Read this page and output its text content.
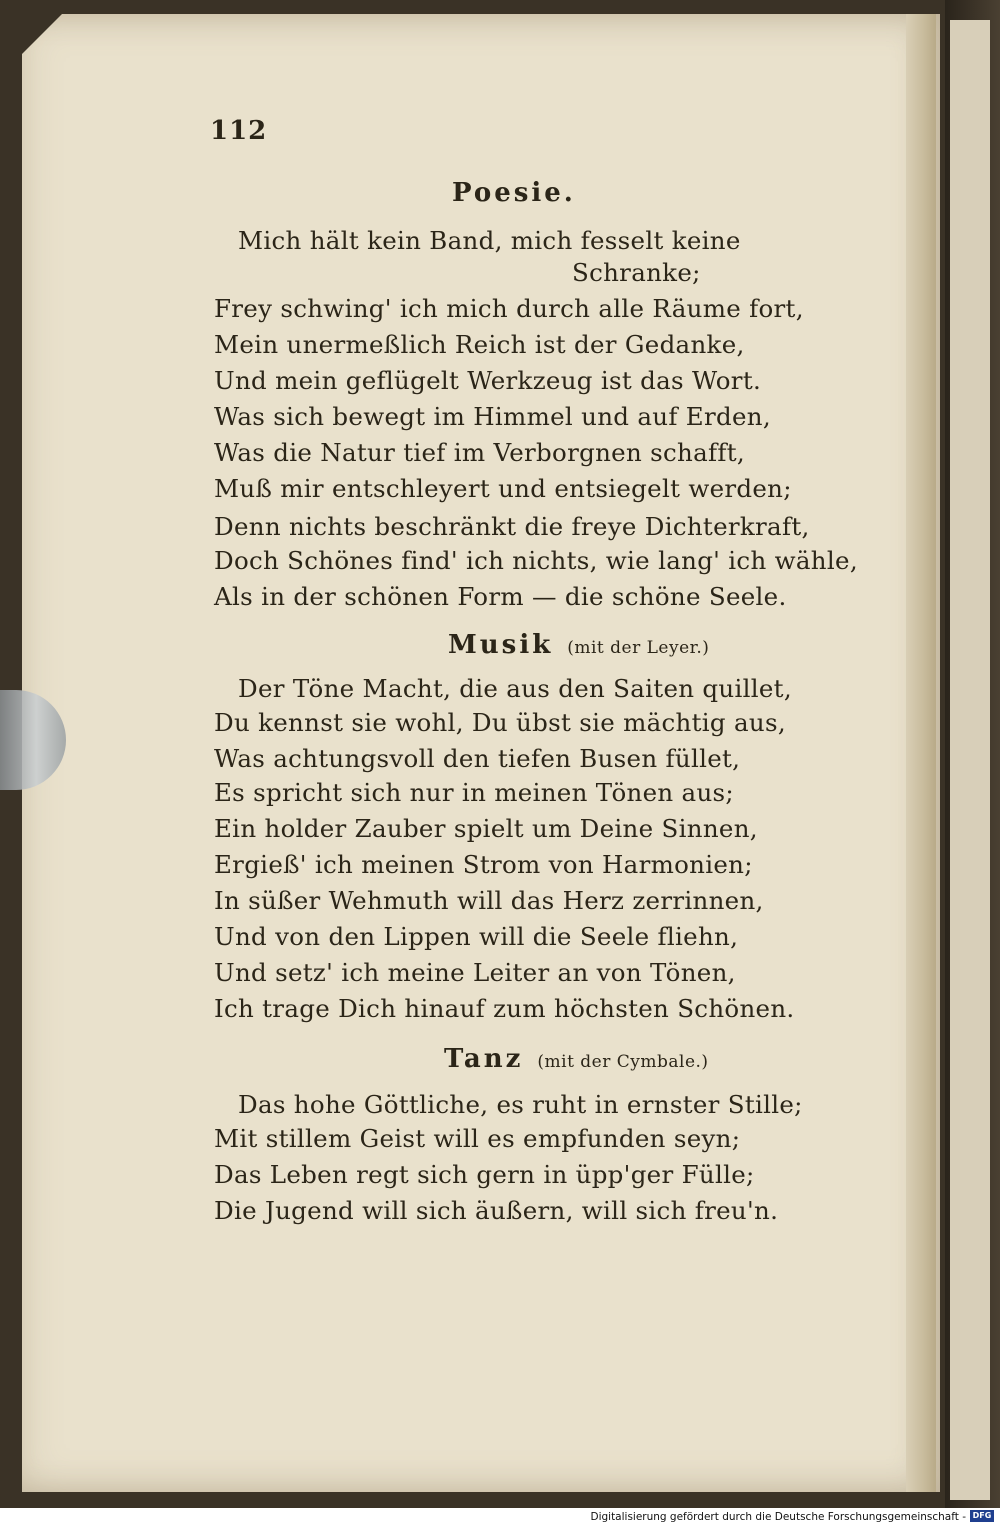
112
Poesie.
Mich hält kein Band, mich fesselt keine
Schranke;
Frey schwing' ich mich durch alle Räume fort,
Mein unermeßlich Reich ist der Gedanke,
Und mein geflügelt Werkzeug ist das Wort.
Was sich bewegt im Himmel und auf Erden,
Was die Natur tief im Verborgnen schafft,
Muß mir entschleyert und entsiegelt werden;
Denn nichts beschränkt die freye Dichterkraft,
Doch Schönes find' ich nichts, wie lang' ich wähle,
Als in der schönen Form — die schöne Seele.
Musik (mit der Leyer.)
Der Töne Macht, die aus den Saiten quillet,
Du kennst sie wohl, Du übst sie mächtig aus,
Was achtungsvoll den tiefen Busen füllet,
Es spricht sich nur in meinen Tönen aus;
Ein holder Zauber spielt um Deine Sinnen,
Ergieß' ich meinen Strom von Harmonien;
In süßer Wehmuth will das Herz zerrinnen,
Und von den Lippen will die Seele fliehn,
Und setz' ich meine Leiter an von Tönen,
Ich trage Dich hinauf zum höchsten Schönen.
Tanz (mit der Cymbale.)
Das hohe Göttliche, es ruht in ernster Stille;
Mit stillem Geist will es empfunden seyn;
Das Leben regt sich gern in üpp'ger Fülle;
Die Jugend will sich äußern, will sich freu'n.
Digitalisierung gefördert durch die Deutsche Forschungsgemeinschaft - DFG
